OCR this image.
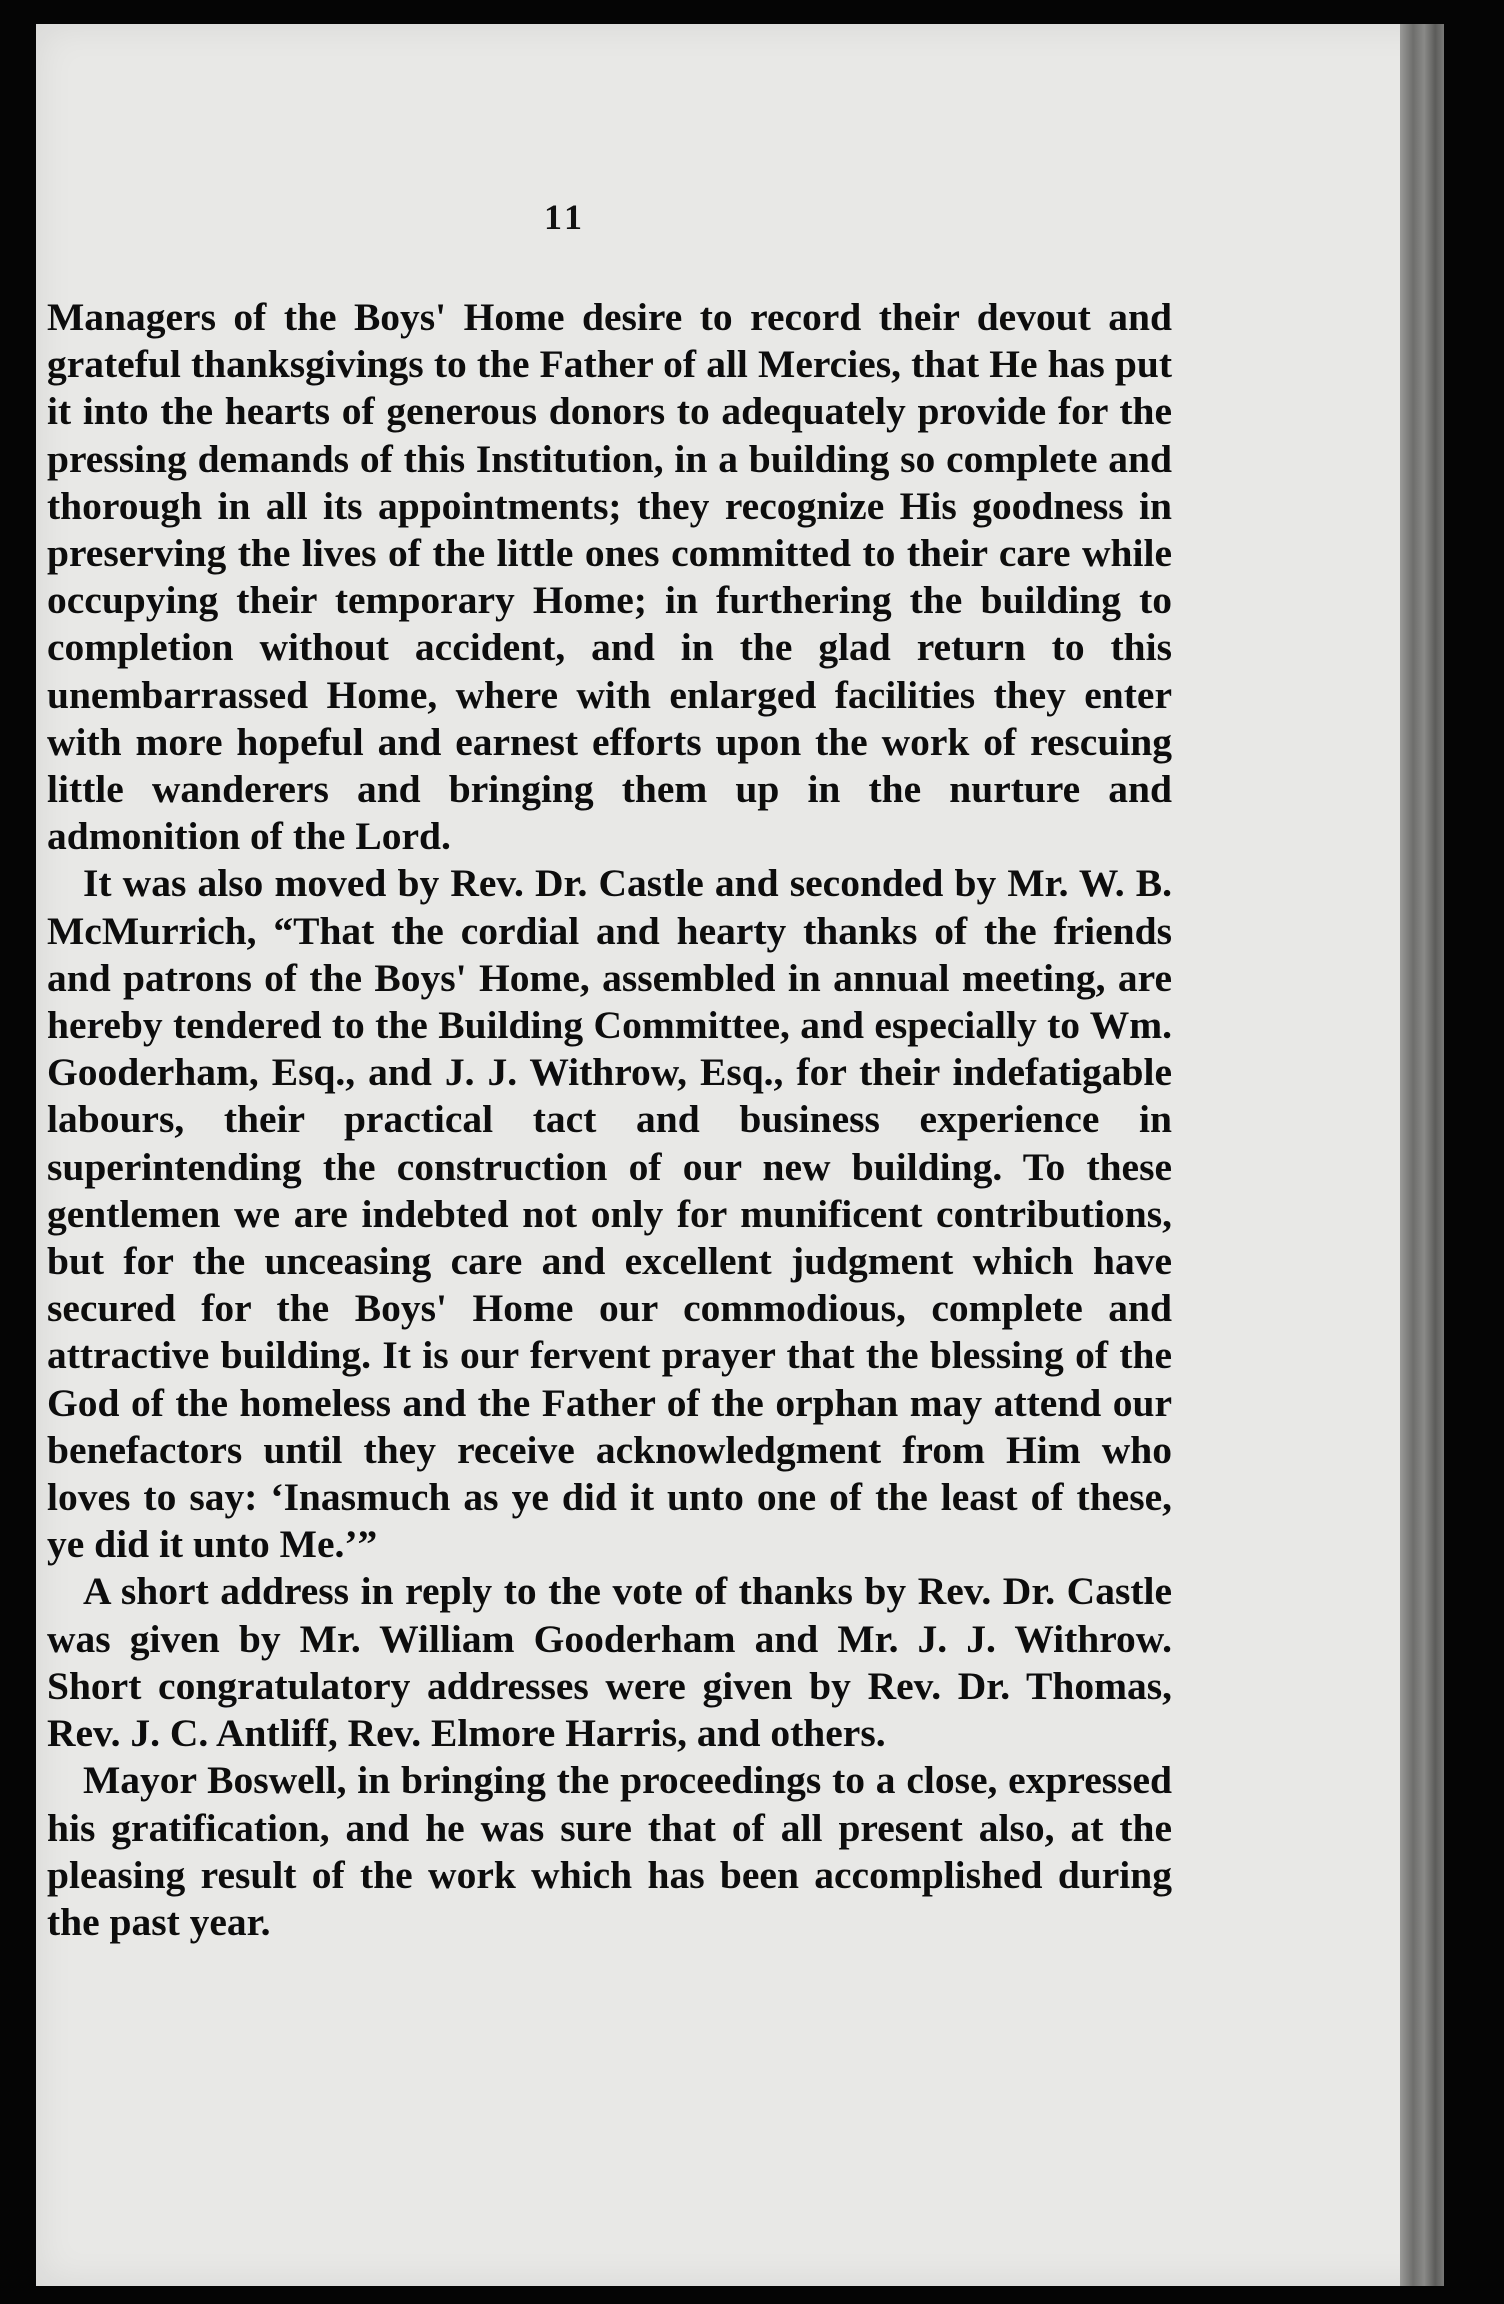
11

Managers of the Boys' Home desire to record their devout and grateful thanksgivings to the Father of all Mercies, that He has put it into the hearts of generous donors to adequately provide for the pressing demands of this Institution, in a building so complete and thorough in all its appointments; they recognize His goodness in preserving the lives of the little ones committed to their care while occupying their temporary Home; in furthering the building to completion without accident, and in the glad return to this unembarrassed Home, where with enlarged facilities they enter with more hopeful and earnest efforts upon the work of rescuing little wanderers and bringing them up in the nurture and admonition of the Lord.

It was also moved by Rev. Dr. Castle and seconded by Mr. W. B. McMurrich, “That the cordial and hearty thanks of the friends and patrons of the Boys' Home, assembled in annual meeting, are hereby tendered to the Building Committee, and especially to Wm. Gooderham, Esq., and J. J. Withrow, Esq., for their indefatigable labours, their practical tact and business experience in superintending the construction of our new building. To these gentlemen we are indebted not only for munificent contributions, but for the unceasing care and excellent judgment which have secured for the Boys' Home our commodious, complete and attractive building. It is our fervent prayer that the blessing of the God of the homeless and the Father of the orphan may attend our benefactors until they receive acknowledgment from Him who loves to say: ‘Inasmuch as ye did it unto one of the least of these, ye did it unto Me.’”

A short address in reply to the vote of thanks by Rev. Dr. Castle was given by Mr. William Gooderham and Mr. J. J. Withrow. Short congratulatory addresses were given by Rev. Dr. Thomas, Rev. J. C. Antliff, Rev. Elmore Harris, and others.

Mayor Boswell, in bringing the proceedings to a close, expressed his gratification, and he was sure that of all present also, at the pleasing result of the work which has been accomplished during the past year.
